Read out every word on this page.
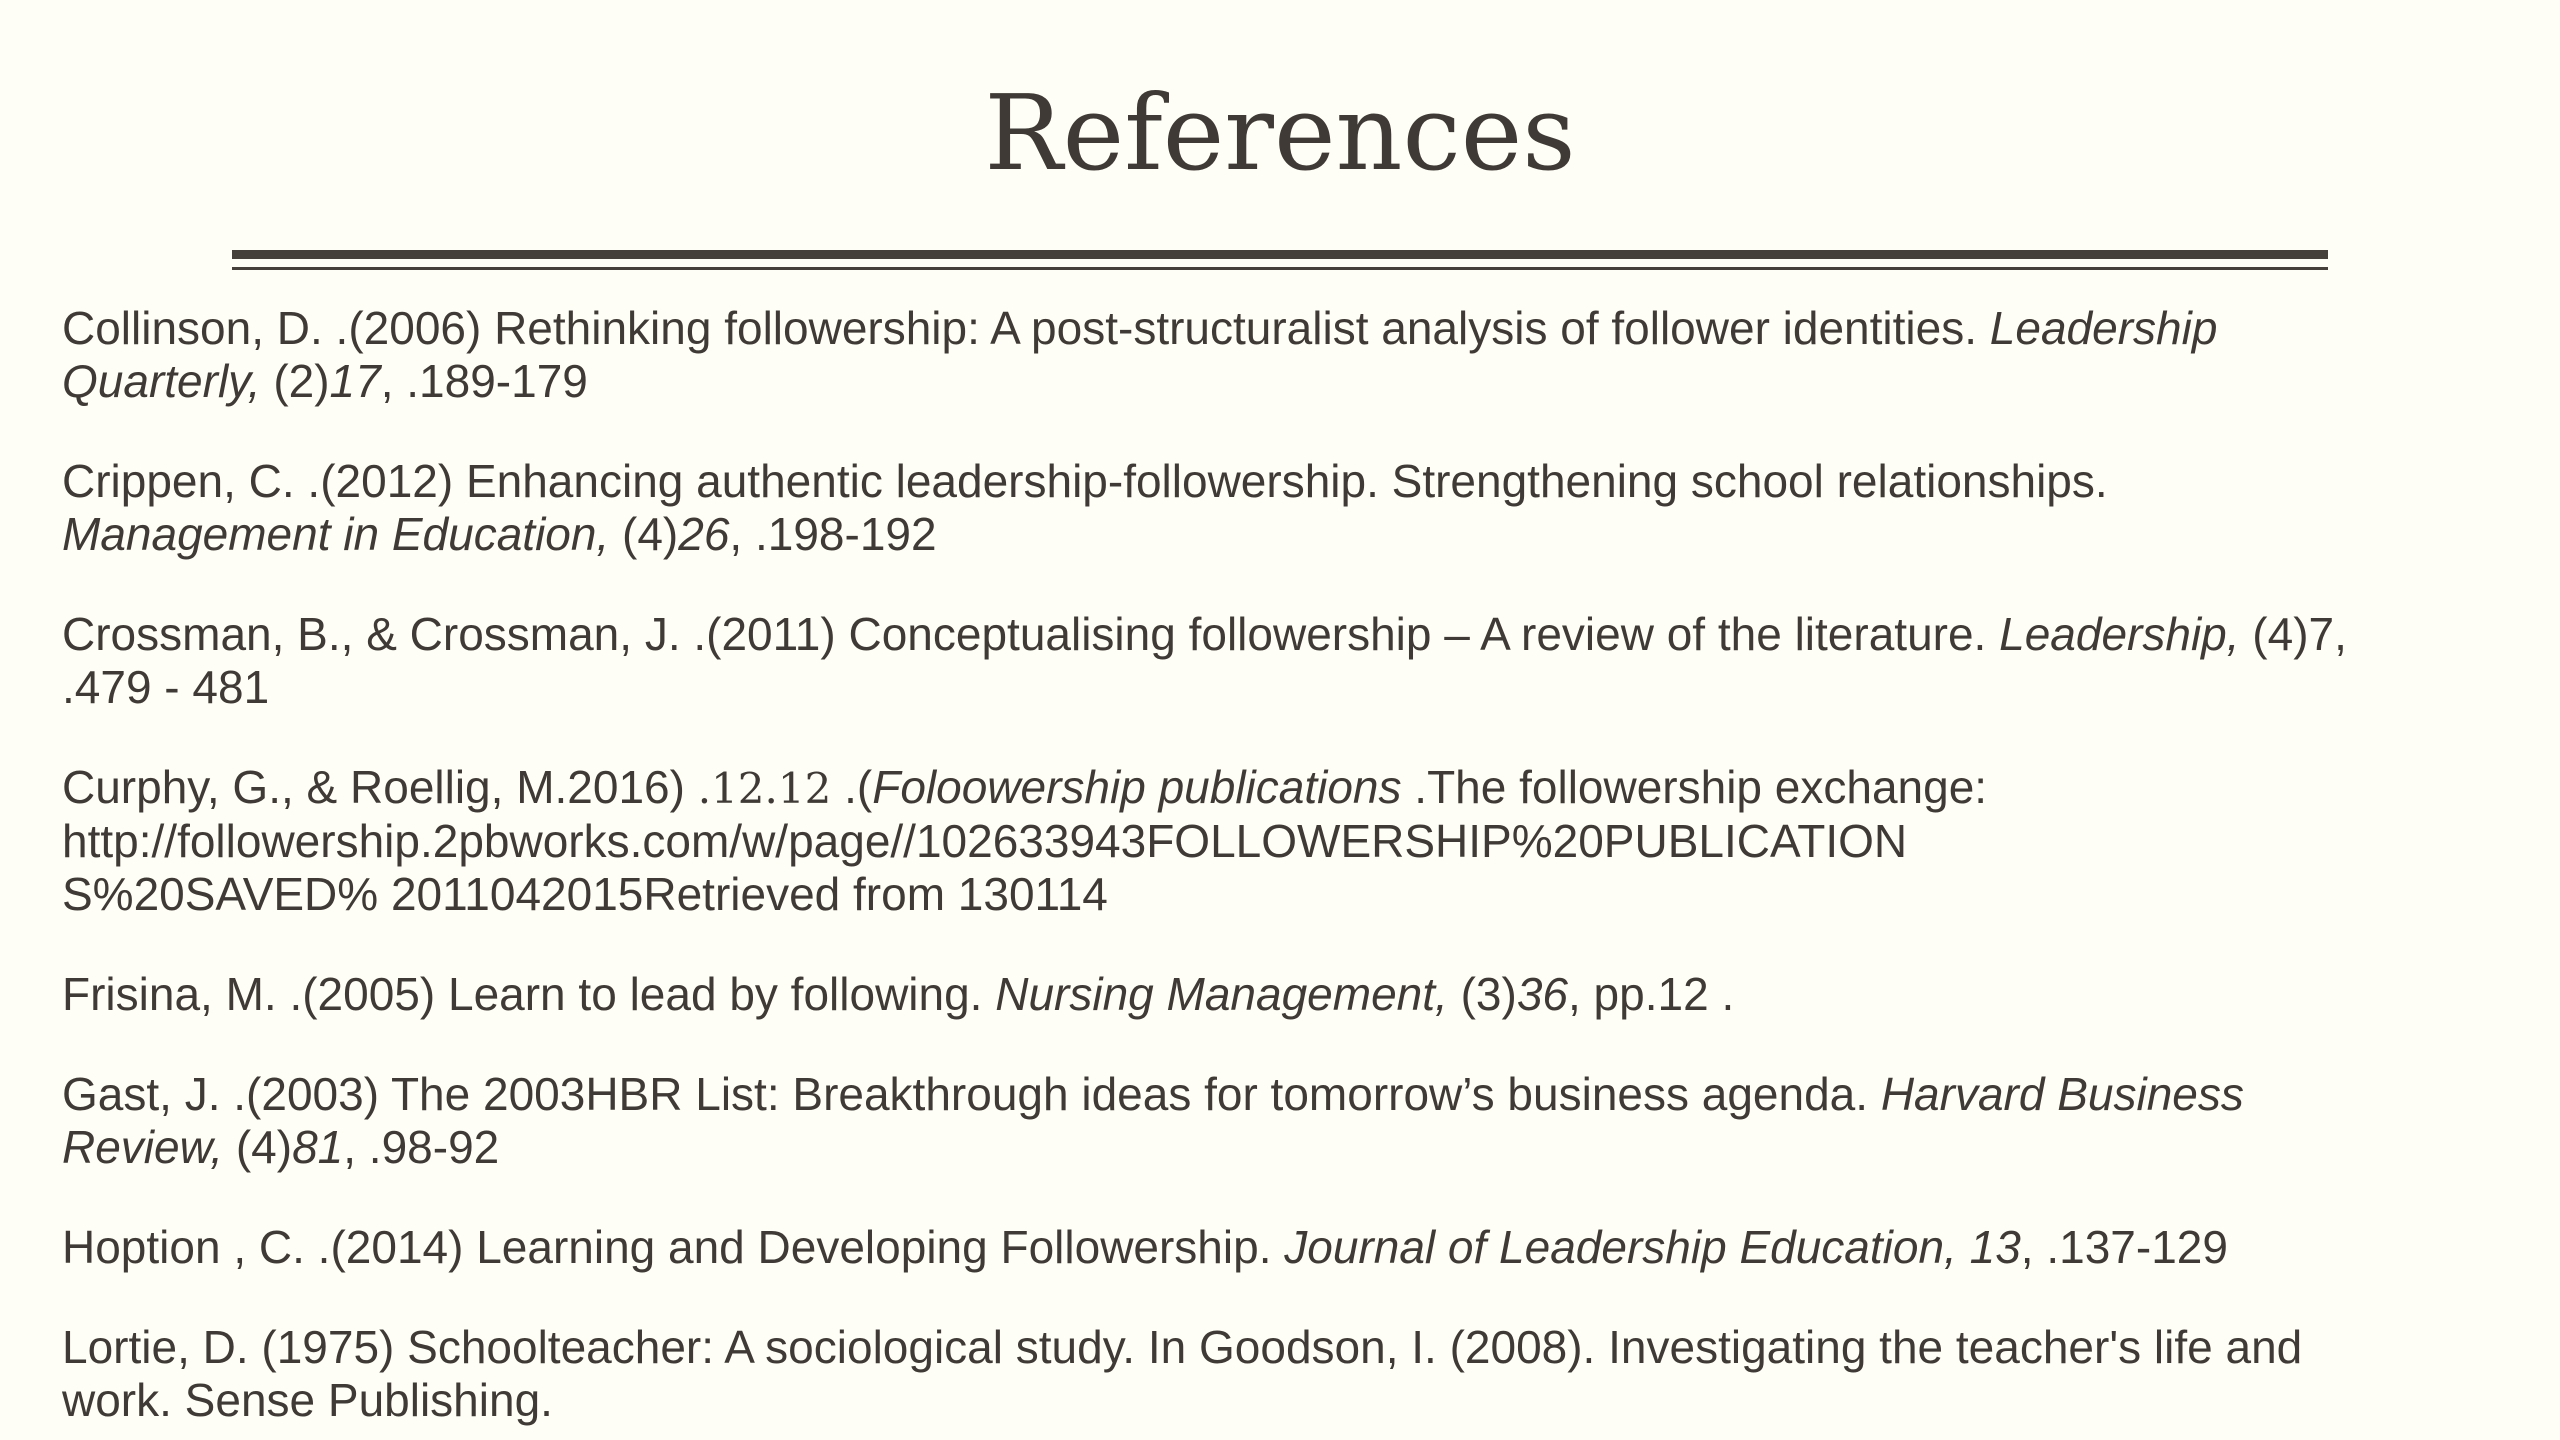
References
Collinson, D. .(2006) Rethinking followership: A post-structuralist analysis of follower identities. Leadership
Quarterly, (2)17, .189-179
Crippen, C. .(2012) Enhancing authentic leadership-followership. Strengthening school relationships.
Management in Education, (4)26, .198-192
Crossman, B., & Crossman, J. .(2011) Conceptualising followership – A review of the literature. Leadership, (4)7,
.479 - 481
Curphy, G., & Roellig, M.2016) .12.12 .(Foloowership publications .The followership exchange:
http://followership.2pbworks.com/w/page//102633943FOLLOWERSHIP%20PUBLICATION
S%20SAVED% 2011042015Retrieved from 130114
Frisina, M. .(2005) Learn to lead by following. Nursing Management, (3)36, pp.12 .
Gast, J. .(2003) The 2003HBR List: Breakthrough ideas for tomorrow’s business agenda. Harvard Business
Review, (4)81, .98-92
Hoption , C. .(2014) Learning and Developing Followership. Journal of Leadership Education, 13, .137-129
Lortie, D. (1975) Schoolteacher: A sociological study. In Goodson, I. (2008). Investigating the teacher's life and
work. Sense Publishing.
